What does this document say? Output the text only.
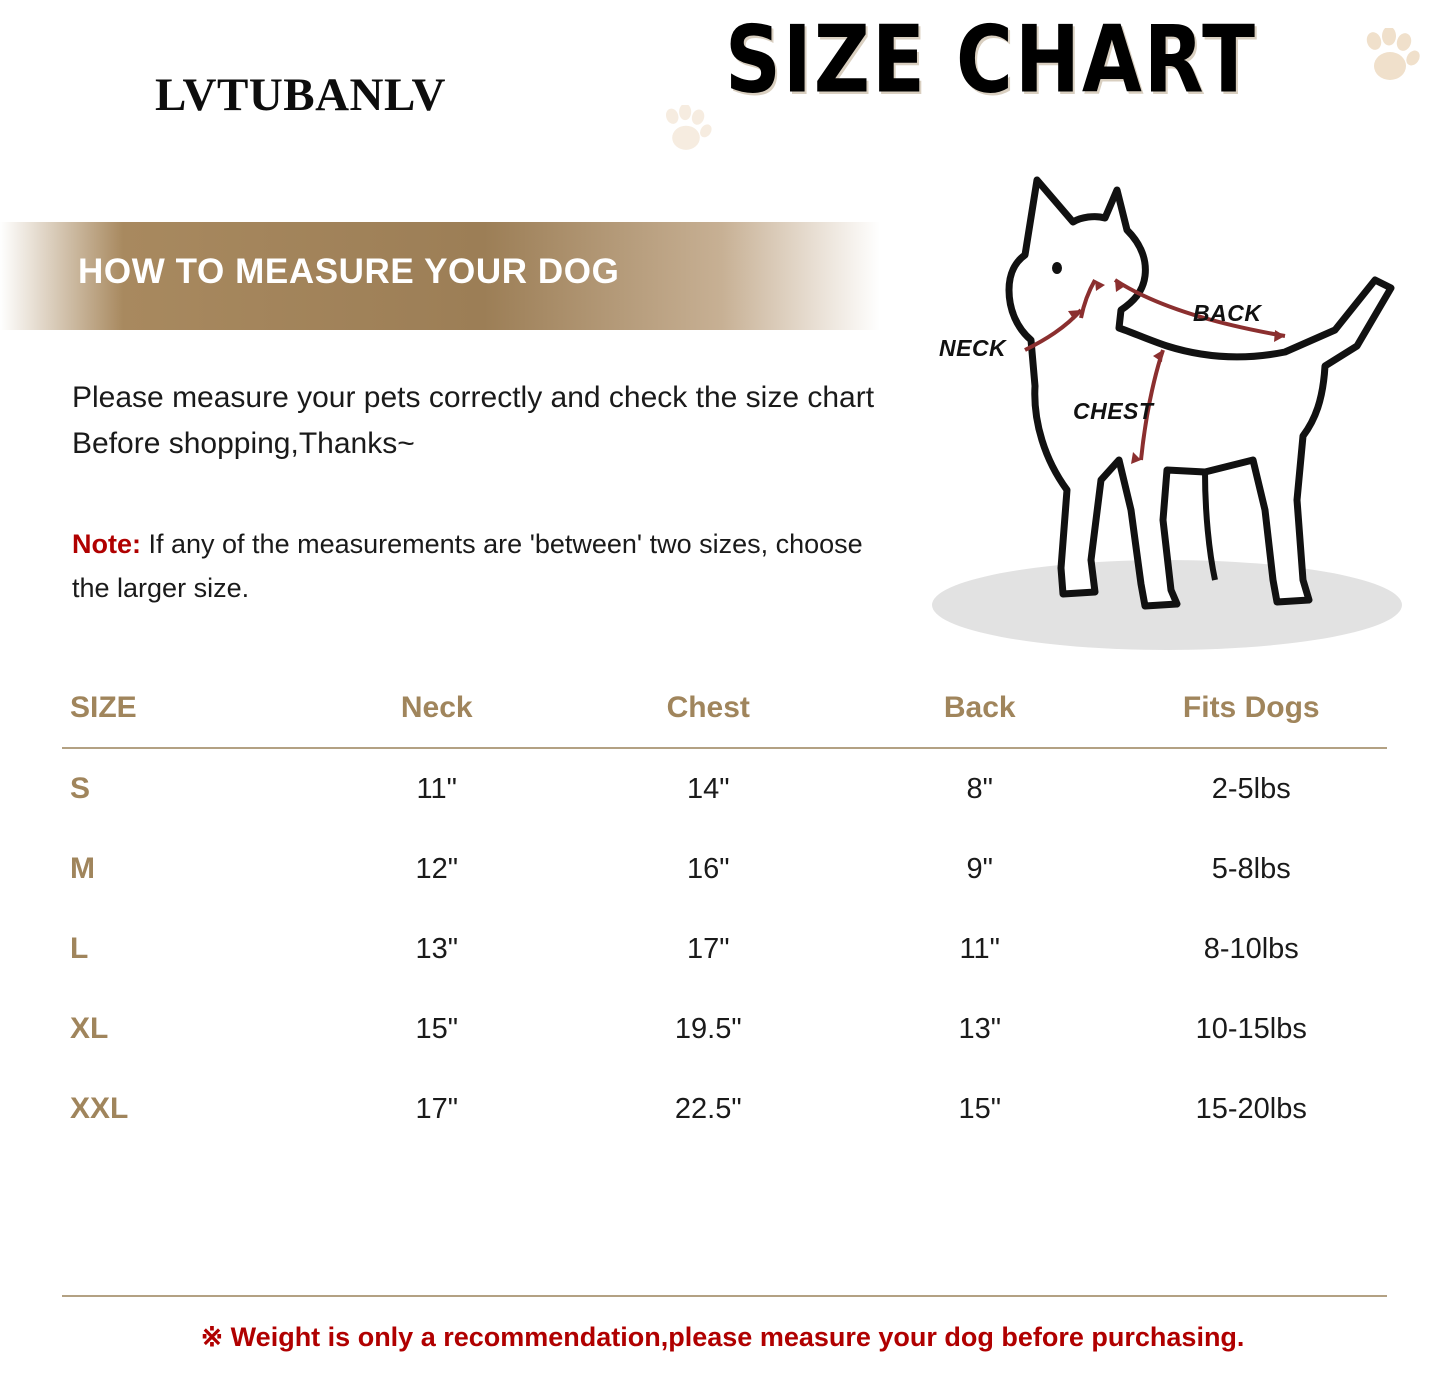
LVTUBANLV	SIZE CHART
HOW TO MEASURE YOUR DOG
Please measure your pets correctly and check the size chart Before shopping,Thanks~
Note: If any of the measurements are 'between' two sizes, choose the larger size.
NECK
CHEST
BACK
SIZE	Neck	Chest	Back	Fits Dogs
S	11"	14"	8"	2-5lbs
M	12"	16"	9"	5-8lbs
L	13"	17"	11"	8-10lbs
XL	15"	19.5"	13"	10-15lbs
XXL	17"	22.5"	15"	15-20lbs
※ Weight is only a recommendation,please measure your dog before purchasing.
